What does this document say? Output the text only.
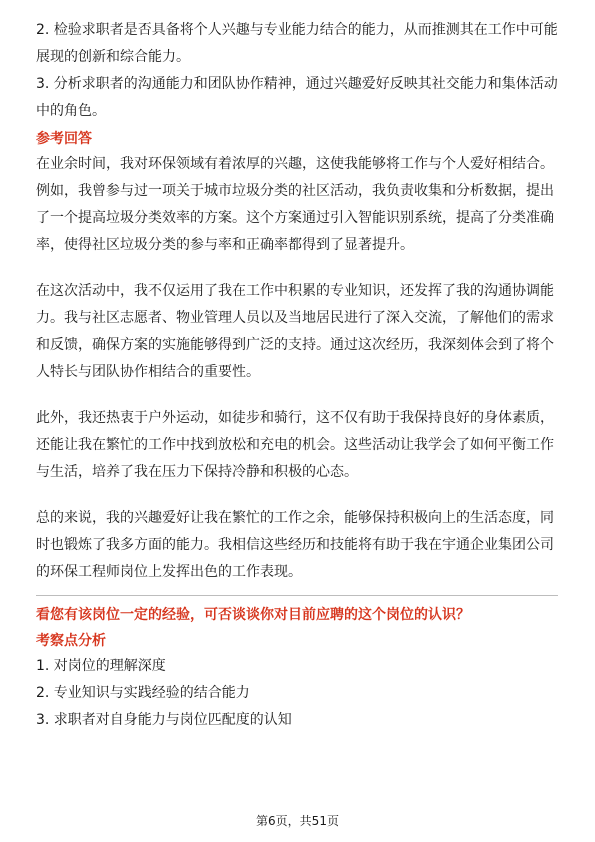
2. 检验求职者是否具备将个人兴趣与专业能力结合的能力，从而推测其在工作中可能展现的创新和综合能力。

3. 分析求职者的沟通能力和团队协作精神，通过兴趣爱好反映其社交能力和集体活动中的角色。

参考回答

在业余时间，我对环保领域有着浓厚的兴趣，这使我能够将工作与个人爱好相结合。例如，我曾参与过一项关于城市垃圾分类的社区活动，我负责收集和分析数据，提出了一个提高垃圾分类效率的方案。这个方案通过引入智能识别系统，提高了分类准确率，使得社区垃圾分类的参与率和正确率都得到了显著提升。

在这次活动中，我不仅运用了我在工作中积累的专业知识，还发挥了我的沟通协调能力。我与社区志愿者、物业管理人员以及当地居民进行了深入交流，了解他们的需求和反馈，确保方案的实施能够得到广泛的支持。通过这次经历，我深刻体会到了将个人特长与团队协作相结合的重要性。

此外，我还热衷于户外运动，如徒步和骑行，这不仅有助于我保持良好的身体素质，还能让我在繁忙的工作中找到放松和充电的机会。这些活动让我学会了如何平衡工作与生活，培养了我在压力下保持冷静和积极的心态。

总的来说，我的兴趣爱好让我在繁忙的工作之余，能够保持积极向上的生活态度，同时也锻炼了我多方面的能力。我相信这些经历和技能将有助于我在宇通企业集团公司的环保工程师岗位上发挥出色的工作表现。

看您有该岗位一定的经验，可否谈谈你对目前应聘的这个岗位的认识？

考察点分析

1. 对岗位的理解深度

2. 专业知识与实践经验的结合能力

3. 求职者对自身能力与岗位匹配度的认知

第6页，共51页
